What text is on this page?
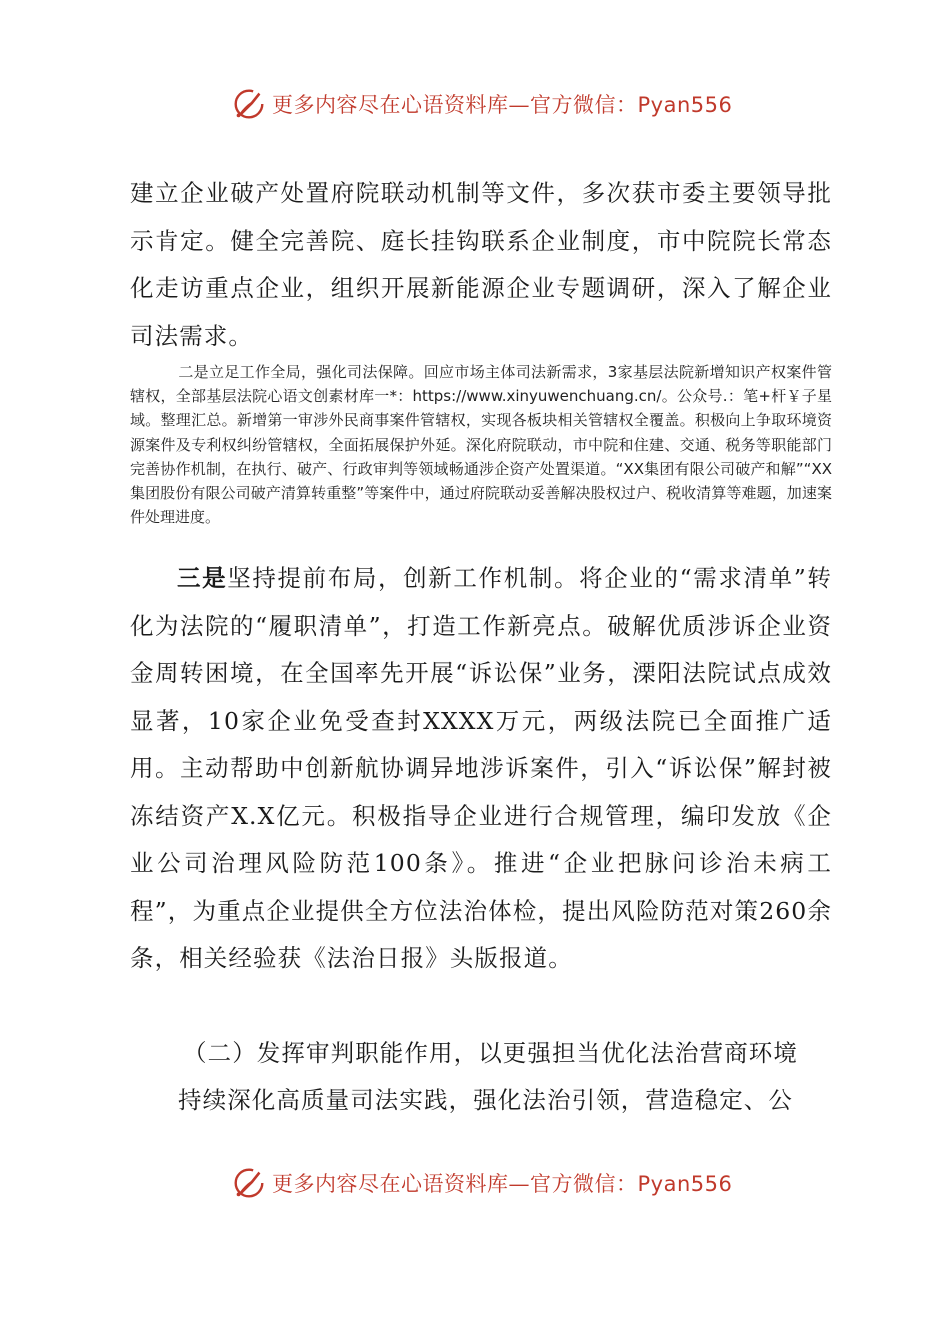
更多内容尽在心语资料库—官方微信：Pyan556

建立企业破产处置府院联动机制等文件，多次获市委主要领导批示肯定。健全完善院、庭长挂钩联系企业制度，市中院院长常态化走访重点企业，组织开展新能源企业专题调研，深入了解企业司法需求。

二是立足工作全局，强化司法保障。回应市场主体司法新需求，3家基层法院新增知识产权案件管辖权，全部基层法院心语文创素材库一*：https://www.xinyuwenchuang.cn/。公众号.：笔+杆￥子星域。整理汇总。新增第一审涉外民商事案件管辖权，实现各板块相关管辖权全覆盖。积极向上争取环境资源案件及专利权纠纷管辖权，全面拓展保护外延。深化府院联动，市中院和住建、交通、税务等职能部门完善协作机制，在执行、破产、行政审判等领域畅通涉企资产处置渠道。“XX集团有限公司破产和解”“XX集团股份有限公司破产清算转重整”等案件中，通过府院联动妥善解决股权过户、税收清算等难题，加速案件处理进度。

三是坚持提前布局，创新工作机制。将企业的“需求清单”转化为法院的“履职清单”，打造工作新亮点。破解优质涉诉企业资金周转困境，在全国率先开展“诉讼保”业务，溧阳法院试点成效显著，10家企业免受查封XXXX万元，两级法院已全面推广适用。主动帮助中创新航协调异地涉诉案件，引入“诉讼保”解封被冻结资产X.X亿元。积极指导企业进行合规管理，编印发放《企业公司治理风险防范100条》。推进“企业把脉问诊治未病工程”，为重点企业提供全方位法治体检，提出风险防范对策260余条，相关经验获《法治日报》头版报道。

（二）发挥审判职能作用，以更强担当优化法治营商环境

持续深化高质量司法实践，强化法治引领，营造稳定、公

更多内容尽在心语资料库—官方微信：Pyan556
